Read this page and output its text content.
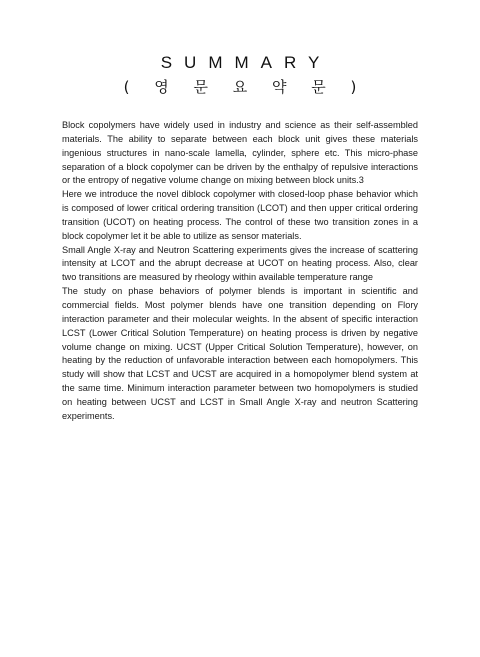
SUMMARY
( 영 문 요 약 문 )

Block copolymers have widely used in industry and science as their self-assembled materials. The ability to separate between each block unit gives these materials ingenious structures in nano-scale lamella, cylinder, sphere etc. This micro-phase separation of a block copolymer can be driven by the enthalpy of repulsive interactions or the entropy of negative volume change on mixing between block units.3

Here we introduce the novel diblock copolymer with closed-loop phase behavior which is composed of lower critical ordering transition (LCOT) and then upper critical ordering transition (UCOT) on heating process. The control of these two transition zones in a block copolymer let it be able to utilize as sensor materials.

Small Angle X-ray and Neutron Scattering experiments gives the increase of scattering intensity at LCOT and the abrupt decrease at UCOT on heating process. Also, clear two transitions are measured by rheology within available temperature range

The study on phase behaviors of polymer blends is important in scientific and commercial fields. Most polymer blends have one transition depending on Flory interaction parameter and their molecular weights. In the absent of specific interaction LCST (Lower Critical Solution Temperature) on heating process is driven by negative volume change on mixing. UCST (Upper Critical Solution Temperature), however, on heating by the reduction of unfavorable interaction between each homopolymers. This study will show that LCST and UCST are acquired in a homopolymer blend system at the same time. Minimum interaction parameter between two homopolymers is studied on heating between UCST and LCST in Small Angle X-ray and neutron Scattering experiments.
